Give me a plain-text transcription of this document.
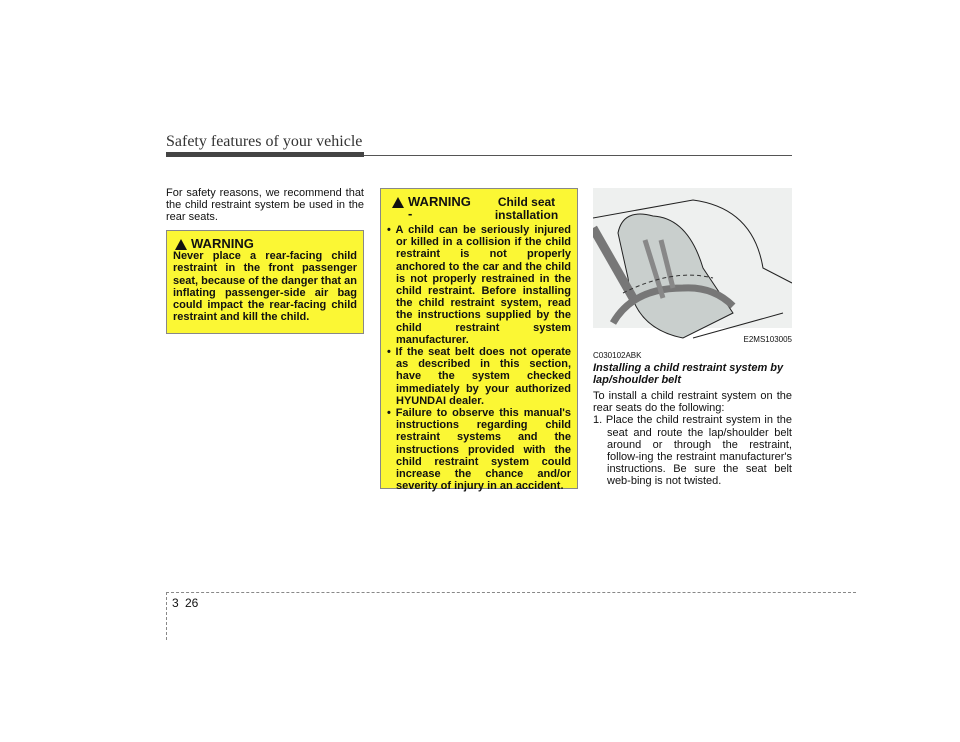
Safety features of your vehicle
For safety reasons, we recommend that the child restraint system be used in the rear seats.
WARNING
Never place a rear-facing child restraint in the front passenger seat, because of the danger that an inflating passenger-side air bag could impact the rear-facing child restraint and kill the child.
WARNING -
Child seat installation
• A child can be seriously injured or killed in a collision if the child restraint is not properly anchored to the car and the child is not properly restrained in the child restraint. Before installing the child restraint system, read the instructions supplied by the child restraint system manufacturer.
• If the seat belt does not operate as described in this section, have the system checked immediately by your authorized HYUNDAI dealer.
• Failure to observe this manual's instructions regarding child restraint systems and the instructions provided with the child restraint system could increase the chance and/or severity of injury in an accident.
E2MS103005
C030102ABK
Installing a child restraint system by lap/shoulder belt
To install a child restraint system on the rear seats do the following:
1. Place the child restraint system in the seat and route the lap/shoulder belt around or through the restraint, follow-ing the restraint manufacturer's instructions. Be sure the seat belt web-bing is not twisted.
3 26
